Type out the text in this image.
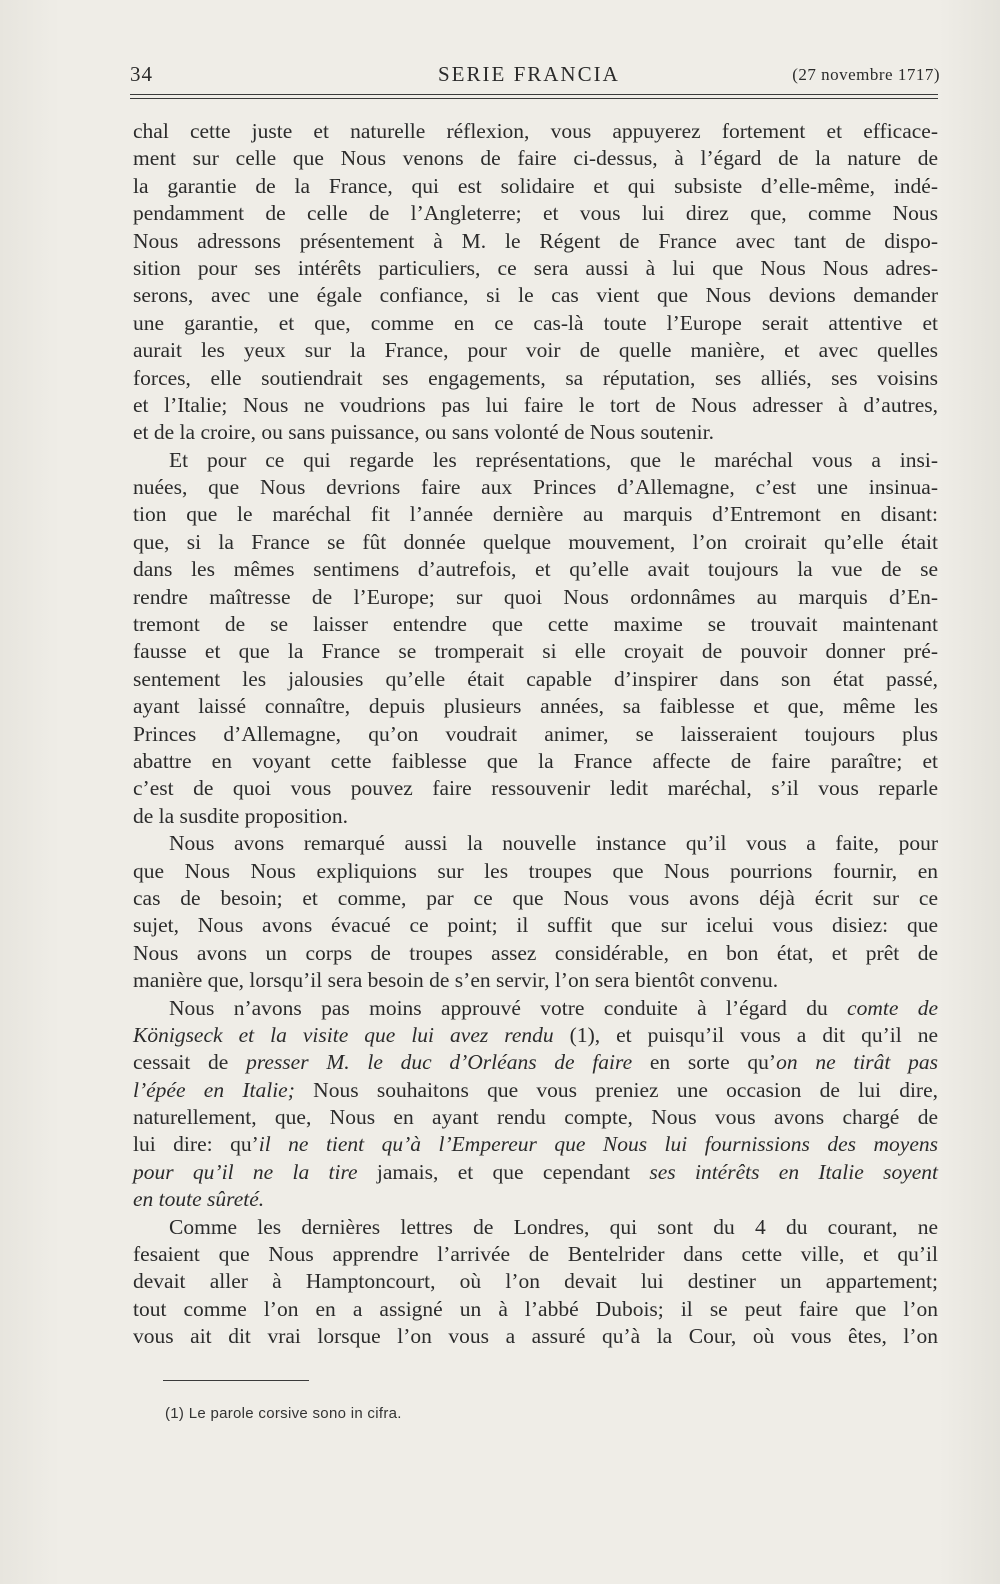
34	SERIE FRANCIA	(27 novembre 1717)
chal cette juste et naturelle réflexion, vous appuyerez fortement et efficace-
ment sur celle que Nous venons de faire ci-dessus, à l’égard de la nature de
la garantie de la France, qui est solidaire et qui subsiste d’elle-même, indé-
pendamment de celle de l’Angleterre; et vous lui direz que, comme Nous
Nous adressons présentement à M. le Régent de France avec tant de dispo-
sition pour ses intérêts particuliers, ce sera aussi à lui que Nous Nous adres-
serons, avec une égale confiance, si le cas vient que Nous devions demander
une garantie, et que, comme en ce cas-là toute l’Europe serait attentive et
aurait les yeux sur la France, pour voir de quelle manière, et avec quelles
forces, elle soutiendrait ses engagements, sa réputation, ses alliés, ses voisins
et l’Italie; Nous ne voudrions pas lui faire le tort de Nous adresser à d’autres,
et de la croire, ou sans puissance, ou sans volonté de Nous soutenir.
Et pour ce qui regarde les représentations, que le maréchal vous a insi-
nuées, que Nous devrions faire aux Princes d’Allemagne, c’est une insinua-
tion que le maréchal fit l’année dernière au marquis d’Entremont en disant:
que, si la France se fût donnée quelque mouvement, l’on croirait qu’elle était
dans les mêmes sentimens d’autrefois, et qu’elle avait toujours la vue de se
rendre maîtresse de l’Europe; sur quoi Nous ordonnâmes au marquis d’En-
tremont de se laisser entendre que cette maxime se trouvait maintenant
fausse et que la France se tromperait si elle croyait de pouvoir donner pré-
sentement les jalousies qu’elle était capable d’inspirer dans son état passé,
ayant laissé connaître, depuis plusieurs années, sa faiblesse et que, même les
Princes d’Allemagne, qu’on voudrait animer, se laisseraient toujours plus
abattre en voyant cette faiblesse que la France affecte de faire paraître; et
c’est de quoi vous pouvez faire ressouvenir ledit maréchal, s’il vous reparle
de la susdite proposition.
Nous avons remarqué aussi la nouvelle instance qu’il vous a faite, pour
que Nous Nous expliquions sur les troupes que Nous pourrions fournir, en
cas de besoin; et comme, par ce que Nous vous avons déjà écrit sur ce
sujet, Nous avons évacué ce point; il suffit que sur icelui vous disiez: que
Nous avons un corps de troupes assez considérable, en bon état, et prêt de
manière que, lorsqu’il sera besoin de s’en servir, l’on sera bientôt convenu.
Nous n’avons pas moins approuvé votre conduite à l’égard du comte de
Königseck et la visite que lui avez rendu (1), et puisqu’il vous a dit qu’il ne
cessait de presser M. le duc d’Orléans de faire en sorte qu’on ne tirât pas
l’épée en Italie; Nous souhaitons que vous preniez une occasion de lui dire,
naturellement, que, Nous en ayant rendu compte, Nous vous avons chargé de
lui dire: qu’il ne tient qu’à l’Empereur que Nous lui fournissions des moyens
pour qu’il ne la tire jamais, et que cependant ses intérêts en Italie soyent
en toute sûreté.
Comme les dernières lettres de Londres, qui sont du 4 du courant, ne
fesaient que Nous apprendre l’arrivée de Bentelrider dans cette ville, et qu’il
devait aller à Hamptoncourt, où l’on devait lui destiner un appartement;
tout comme l’on en a assigné un à l’abbé Dubois; il se peut faire que l’on
vous ait dit vrai lorsque l’on vous a assuré qu’à la Cour, où vous êtes, l’on
(1) Le parole corsive sono in cifra.
